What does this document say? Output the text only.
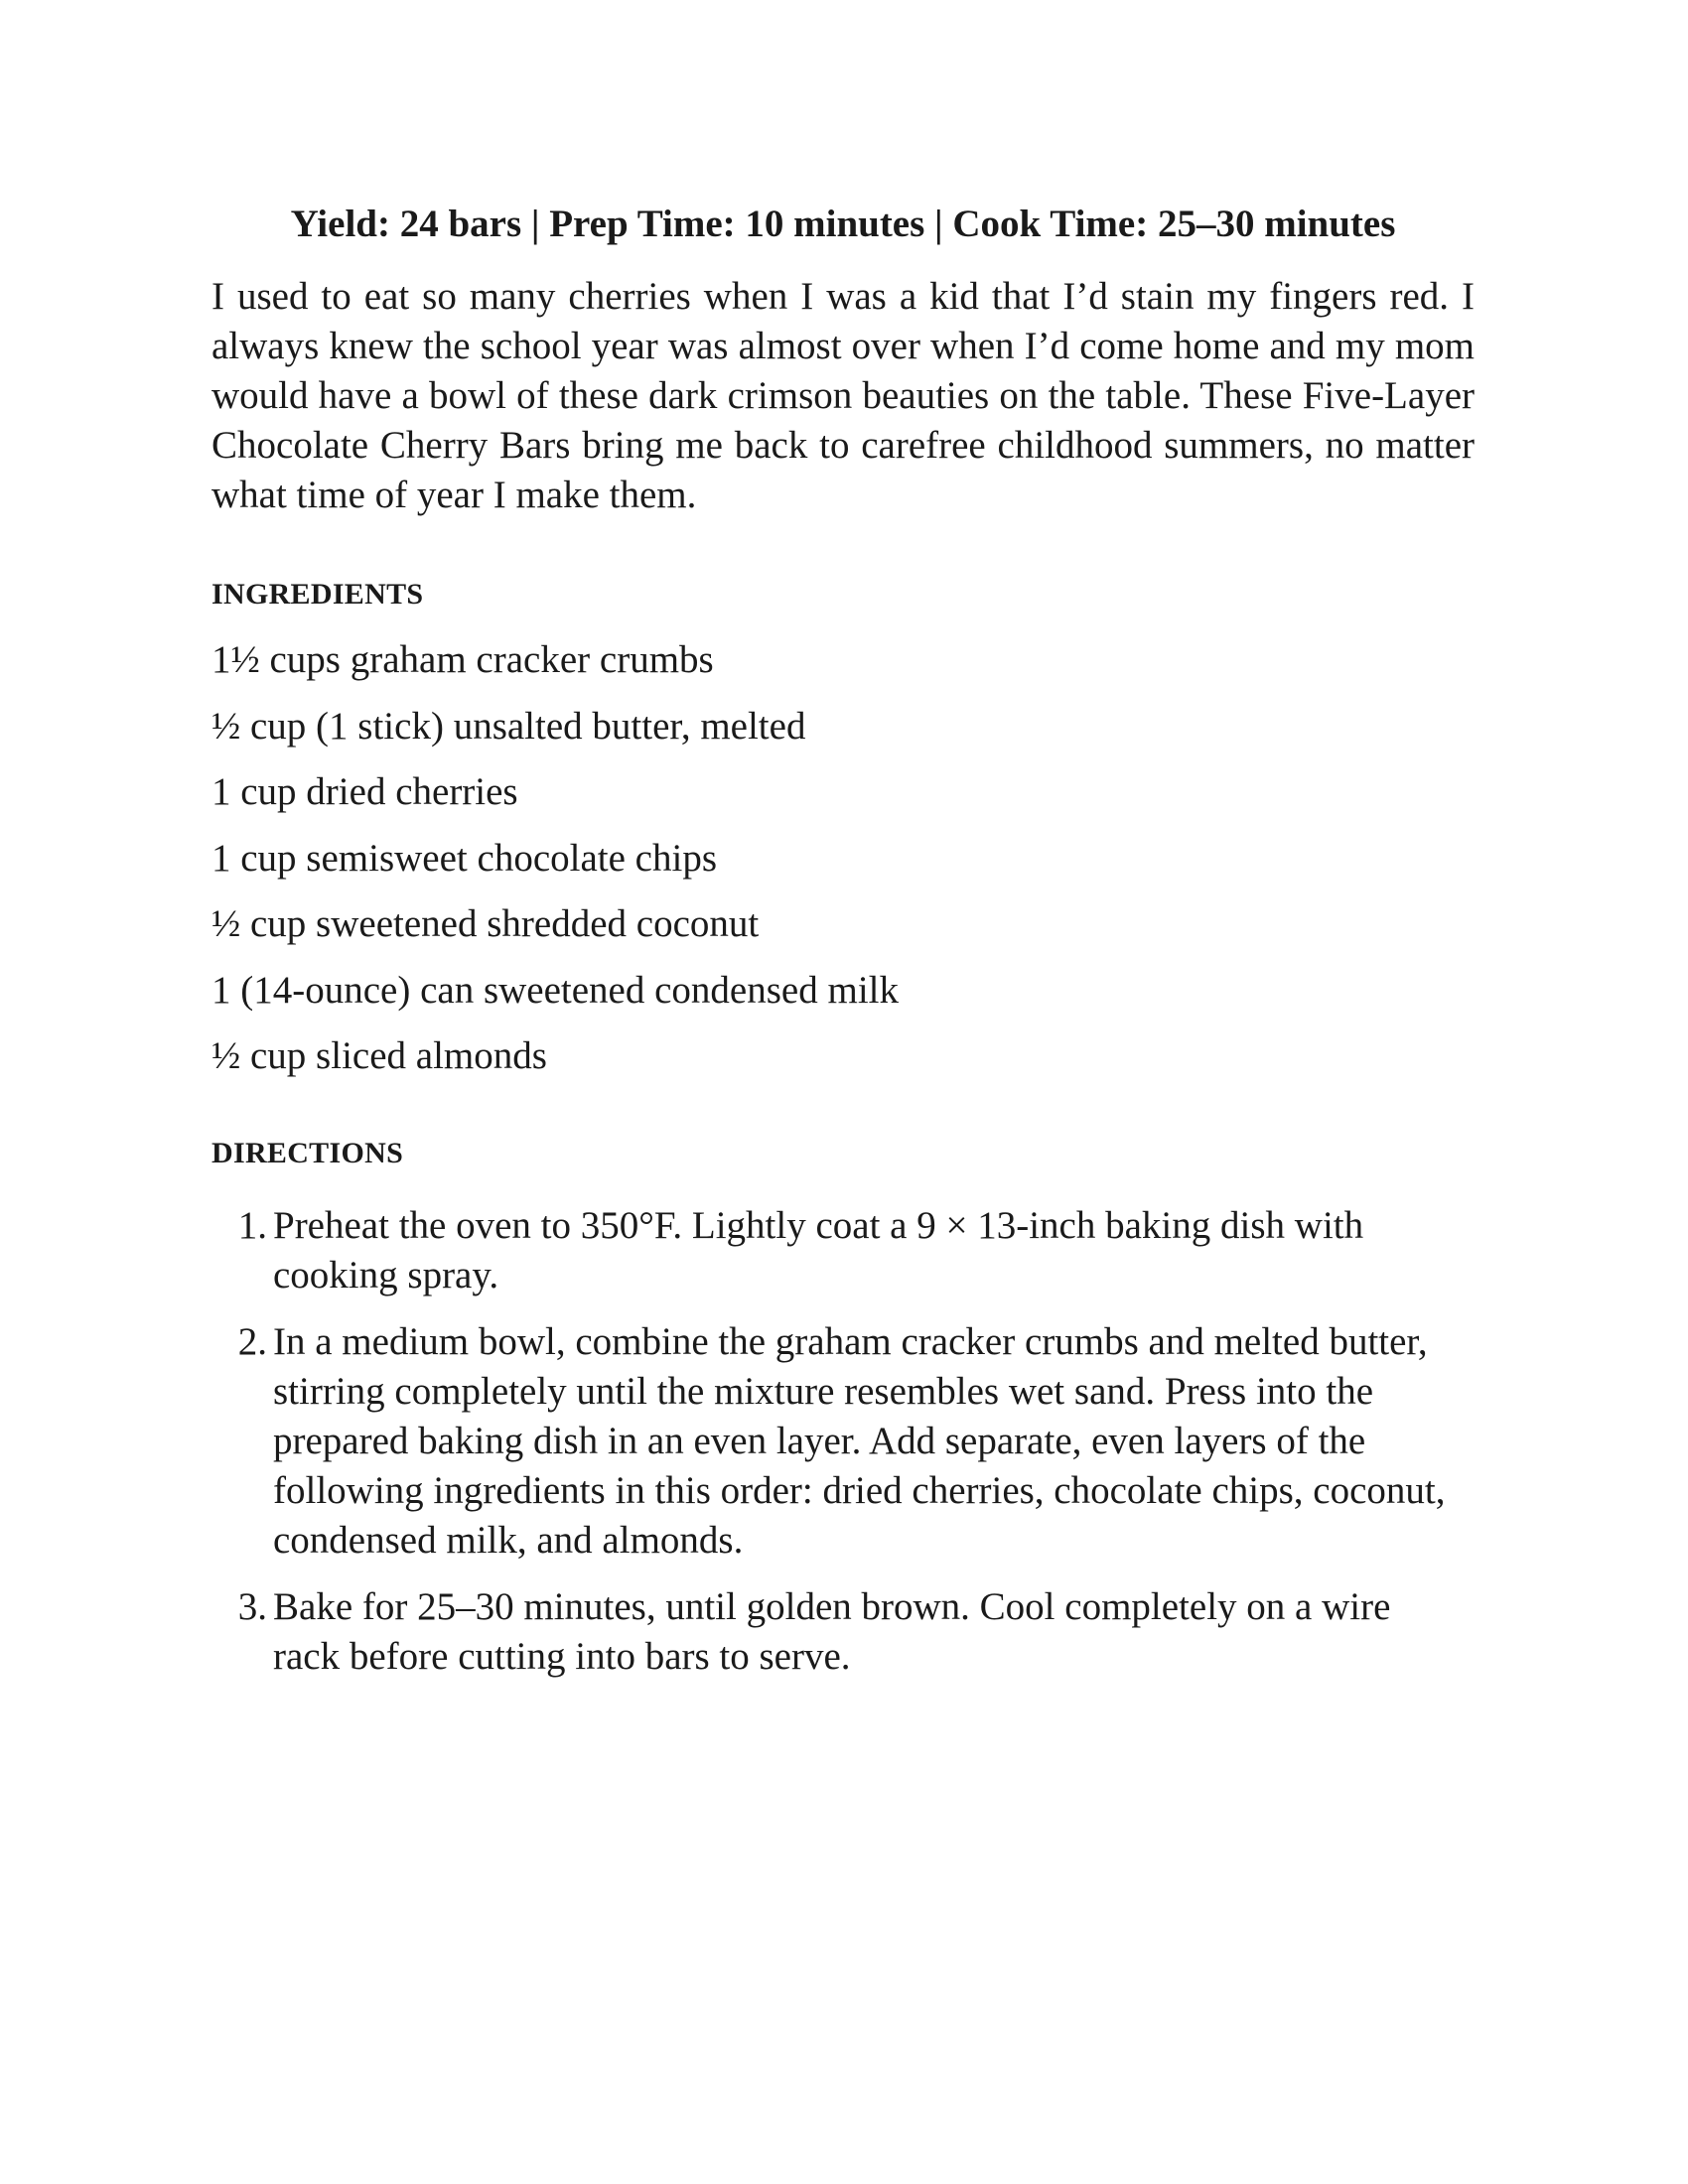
Yield: 24 bars | Prep Time: 10 minutes | Cook Time: 25–30 minutes

I used to eat so many cherries when I was a kid that I’d stain my fingers red. I always knew the school year was almost over when I’d come home and my mom would have a bowl of these dark crimson beauties on the table. These Five-Layer Chocolate Cherry Bars bring me back to carefree childhood summers, no matter what time of year I make them.

INGREDIENTS
1½ cups graham cracker crumbs
½ cup (1 stick) unsalted butter, melted
1 cup dried cherries
1 cup semisweet chocolate chips
½ cup sweetened shredded coconut
1 (14-ounce) can sweetened condensed milk
½ cup sliced almonds
DIRECTIONS
1. Preheat the oven to 350°F. Lightly coat a 9 × 13-inch baking dish with cooking spray.
2. In a medium bowl, combine the graham cracker crumbs and melted butter, stirring completely until the mixture resembles wet sand. Press into the prepared baking dish in an even layer. Add separate, even layers of the following ingredients in this order: dried cherries, chocolate chips, coconut, condensed milk, and almonds.
3. Bake for 25–30 minutes, until golden brown. Cool completely on a wire rack before cutting into bars to serve.
